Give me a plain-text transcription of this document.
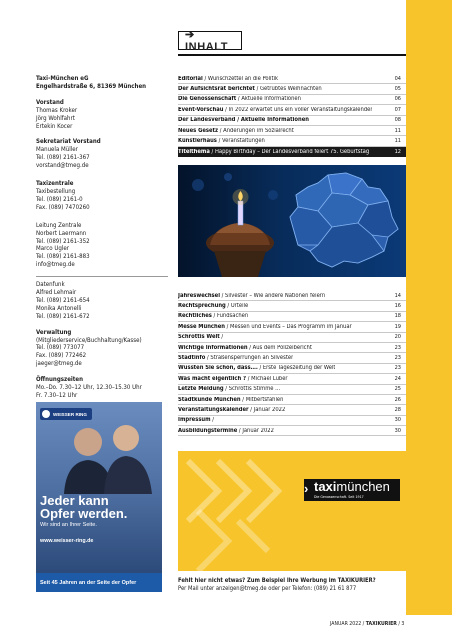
➔ INHALT
Taxi-München eG
Engelhardstraße 6, 81369 München
Vorstand
Thomas Kroker
Jörg Wohlfahrt
Ertekin Kocer
Sekretariat Vorstand
Manuela Müller
Tel. (089) 2161-367
vorstand@tmeg.de
Taxizentrale
Taxibestellung
Tel. (089) 2161-0
Fax. (089) 7470260
Leitung Zentrale
Norbert Laermann
Tel. (089) 2161-352
Marco Ugler
Tel. (089) 2161-883
info@tmeg.de
Datenfunk
Alfred Lehmair
Tel. (089) 2161-654
Monika Antonelli
Tel. (089) 2161-672
Verwaltung
(Mitgliederservice/Buchhaltung/Kasse)
Tel. (089) 773077
Fax. (089) 772462
jaeger@tmeg.de
Öffnungszeiten
Mo.–Do. 7.30–12 Uhr, 12.30–15.30 Uhr
Fr. 7.30–12 Uhr
Editorial / Wunschzettel an die Politik	04
Der Aufsichtsrat berichtet / Getrübtes Weihnachten	05
Die Genossenschaft / Aktuelle Informationen	06
Event-Vorschau / In 2022 erwartet uns ein voller Veranstaltungskalender	07
Der Landesverband / Aktuelle Informationen	08
Neues Gesetz / Änderungen im Sozialrecht	11
Künstlerhaus / Veranstaltungen	11
Titelthema / Happy Birthday – Der Landesverband feiert 75. Geburtstag	12
Jahreswechsel / Silvester – Wie andere Nationen feiern	14
Rechtsprechung / Urteile	16
Rechtliches / Fundsachen	18
Messe München / Messen und Events – Das Programm im Januar	19
Schrottis Welt /	20
Wichtige Informationen / Aus dem Polizeibericht	23
Stadtinfo / Straßensperrungen an Silvester	23
Wussten Sie schon, dass…. / Erste Tageszeitung der Welt	23
Was macht eigentlich ? / Michael Luber	24
Letzte Meldung / Schrottis Stimme ...	25
Stadtkunde München / Mitbertsfahlen	26
Veranstaltungskalender / Januar 2022	28
Impressum /	30
Ausbildungstermine / Januar 2022	30
WEISSER RING
Jeder kann
Opfer werden.
Wir sind an Ihrer Seite.
www.weisser-ring.de
Seit 45 Jahren an der Seite der Opfer
› taximünchen
Die Genossenschaft. Seit 1917
Fehlt hier nicht etwas? Zum Beispiel Ihre Werbung im TAXIKURIER?
Per Mail unter anzeigen@tmeg.de oder per Telefon: (089) 21 61 877
JANUAR 2022 / TAXIKURIER / 3
